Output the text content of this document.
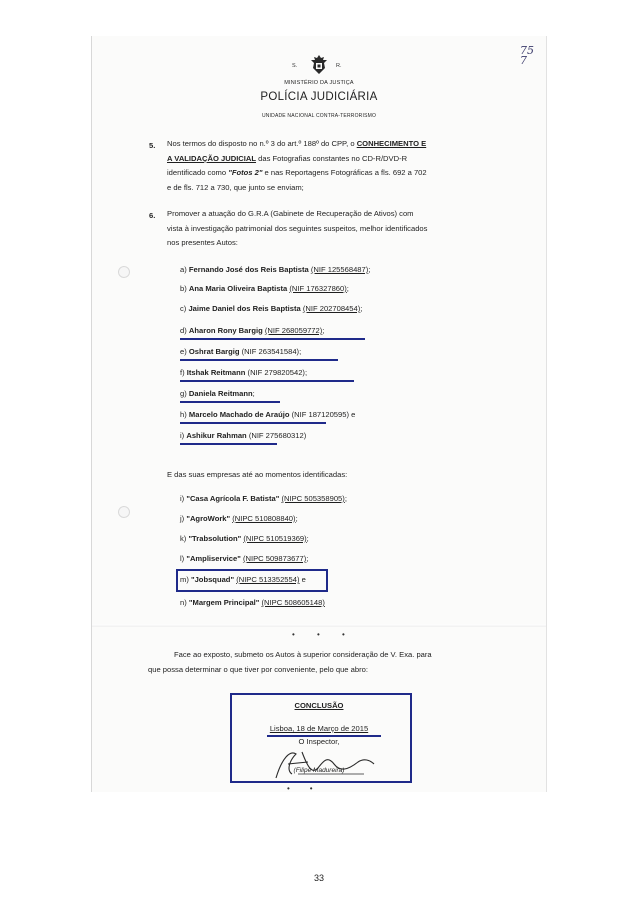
S.	R.
MINISTÉRIO DA JUSTIÇA
POLÍCIA JUDICIÁRIA
UNIDADE NACIONAL CONTRA-TERRORISMO
75 7
5. Nos termos do disposto no n.º 3 do art.º 188º do CPP, o CONHECIMENTO E
A VALIDAÇÃO JUDICIAL das Fotografias constantes no CD-R/DVD-R
identificado como "Fotos 2" e nas Reportagens Fotográficas a fls. 692 a 702
e de fls. 712 a 730, que junto se enviam;
6. Promover a atuação do G.R.A (Gabinete de Recuperação de Ativos) com
vista à investigação patrimonial dos seguintes suspeitos, melhor identificados
nos presentes Autos:
a) Fernando José dos Reis Baptista (NIF 125568487);
b) Ana Maria Oliveira Baptista (NIF 176327860);
c) Jaime Daniel dos Reis Baptista (NIF 202708454);
d) Aharon Rony Bargig (NIF 268059772);
e) Oshrat Bargig (NIF 263541584);
f) Itshak Reitmann (NIF 279820542);
g) Daniela Reitmann;
h) Marcelo Machado de Araújo (NIF 187120595) e
i) Ashikur Rahman (NIF 275680312)
E das suas empresas até ao momentos identificadas:
i) "Casa Agrícola F. Batista" (NIPC 505358905);
j) "AgroWork" (NIPC 510808840);
k) "Trabsolution" (NIPC 510519369);
l) "Ampliservice" (NIPC 509873677);
m) "Jobsquad" (NIPC 513352554) e
n) "Margem Principal" (NIPC 508605148)
•          •          •
Face ao exposto, submeto os Autos à superior consideração de V. Exa. para
que possa determinar o que tiver por conveniente, pelo que abro:
CONCLUSÃO
Lisboa, 18 de Março de 2015
O Inspector,
(Filipe Madureira)
•         •
33
